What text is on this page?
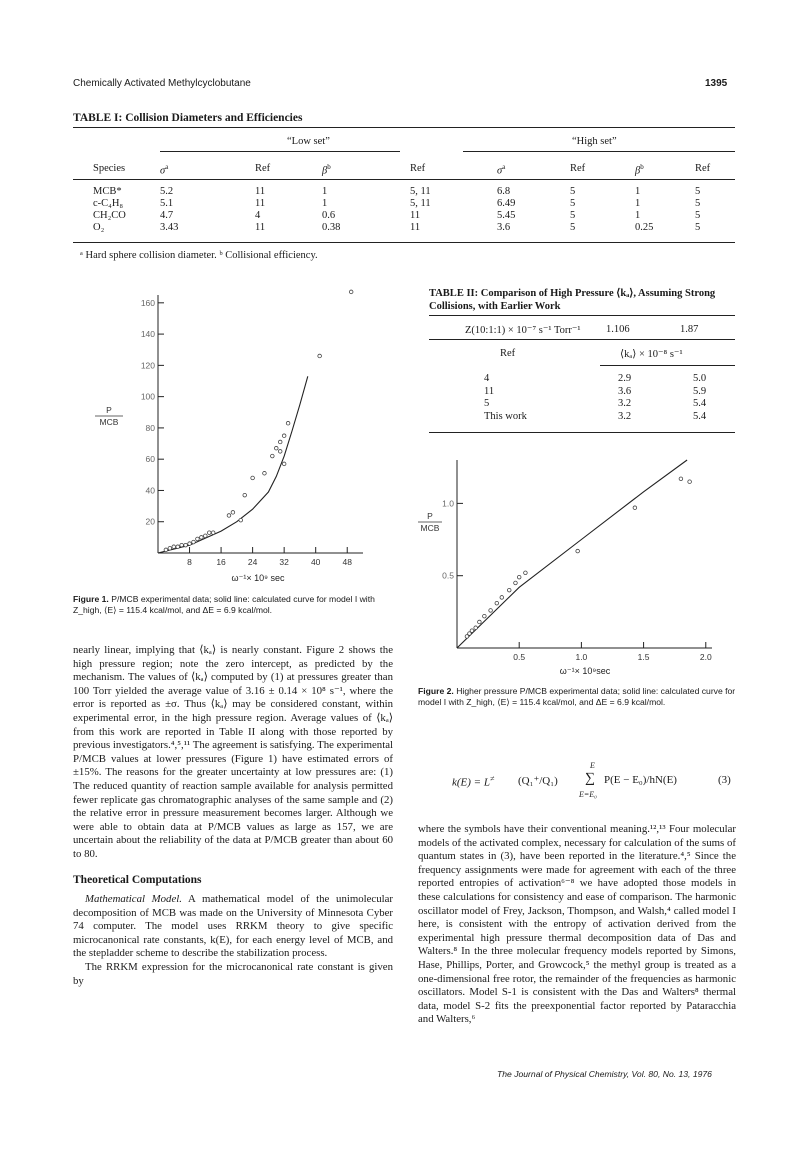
Chemically Activated Methylcyclobutane	1395
TABLE I: Collision Diameters and Efficiencies
“Low set”	“High set”
Species	$\sigma^a$	Ref	$\beta^b$	Ref	$\sigma^a$	Ref	$\beta^b$	Ref
MCB*	5.2	11	1	5, 11	6.8	5	1	5
c-C₄H₈	5.1	11	1	5, 11	6.49	5	1	5
CH₂CO	4.7	4	0.6	11	5.45	5	1	5
O₂	3.43	11	0.38	11	3.6	5	0.25	5
ᵃ Hard sphere collision diameter. ᵇ Collisional efficiency.
8	16	24	32	40	48
20
40
60
80
100
120
140
160
P
MCB
ω⁻¹× 10⁹ sec
Figure 1. P/MCB experimental data; solid line: calculated curve for model I with Z_high, ⟨E⟩ = 115.4 kcal/mol, and ΔE = 6.9 kcal/mol.
TABLE II: Comparison of High Pressure ⟨kₐ⟩, Assuming Strong Collisions, with Earlier Work
Z(10:1:1) × 10⁻⁷ s⁻¹ Torr⁻¹ 1.106	1.87
Ref	⟨kₐ⟩ × 10⁻⁸ s⁻¹
4	2.9	5.0
11	3.6	5.9
5	3.2	5.4
This work	3.2	5.4
0.5	1.0	1.5	2.0
0.5
1.0
P
MCB
ω⁻¹× 10⁹sec
Figure 2. Higher pressure P/MCB experimental data; solid line: calculated curve for model I with Z_high, ⟨E⟩ = 115.4 kcal/mol, and ΔE = 6.9 kcal/mol.

nearly linear, implying that ⟨kₐ⟩ is nearly constant. Figure 2 shows the high pressure region; note the zero intercept, as predicted by the mechanism. The values of ⟨kₐ⟩ computed by (1) at pressures greater than 100 Torr yielded the average value of 3.16 ± 0.14 × 10⁸ s⁻¹, where the error is reported as ±σ. Thus ⟨kₐ⟩ may be considered constant, within experimental error, in the high pressure region. Average values of ⟨kₐ⟩ from this work are reported in Table II along with those reported by previous investigators.⁴,⁵,¹¹ The agreement is satisfying. The experimental P/MCB values at lower pressures (Figure 1) have estimated errors of ±15%. The reasons for the greater uncertainty at low pressures are: (1) The reduced quantity of reaction sample available for analysis permitted fewer replicate gas chromatographic analyses of the same sample and (2) the relative error in pressure measurement becomes larger. Although we were able to obtain data at P/MCB values as large as 157, we are uncertain about the reliability of the data at P/MCB greater than about 60 to 80.

Theoretical Computations

Mathematical Model. A mathematical model of the unimolecular decomposition of MCB was made on the University of Minnesota Cyber 74 computer. The model uses RRKM theory to give specific microcanonical rate constants, k(E), for each energy level of MCB, and the stepladder scheme to describe the stabilization process.

The RRKM expression for the microcanonical rate constant is given by

k(E) = L≠ (Q₁⁺/Q₁)
E
∑
E=E₀
P(E − E₀)/hN(E)	(3)

where the symbols have their conventional meaning.¹²,¹³ Four molecular models of the activated complex, necessary for calculation of the sums of quantum states in (3), have been reported in the literature.⁴,⁵ Since the frequency assignments were made for agreement with each of the three reported entropies of activation⁶⁻⁸ we have adopted those models in these calculations for consistency and ease of comparison. The harmonic oscillator model of Frey, Jackson, Thompson, and Walsh,⁴ called model I here, is consistent with the entropy of activation derived from the experimental high pressure thermal decomposition data of Das and Walters.⁸ In the three molecular frequency models reported by Simons, Hase, Phillips, Porter, and Growcock,⁵ the methyl group is treated as a one-dimensional free rotor, the remainder of the frequencies as harmonic oscillators. Model S-1 is consistent with the Das and Walters⁸ thermal data, model S-2 fits the preexponential factor reported by Pataracchia and Walters,⁶

The Journal of Physical Chemistry, Vol. 80, No. 13, 1976
